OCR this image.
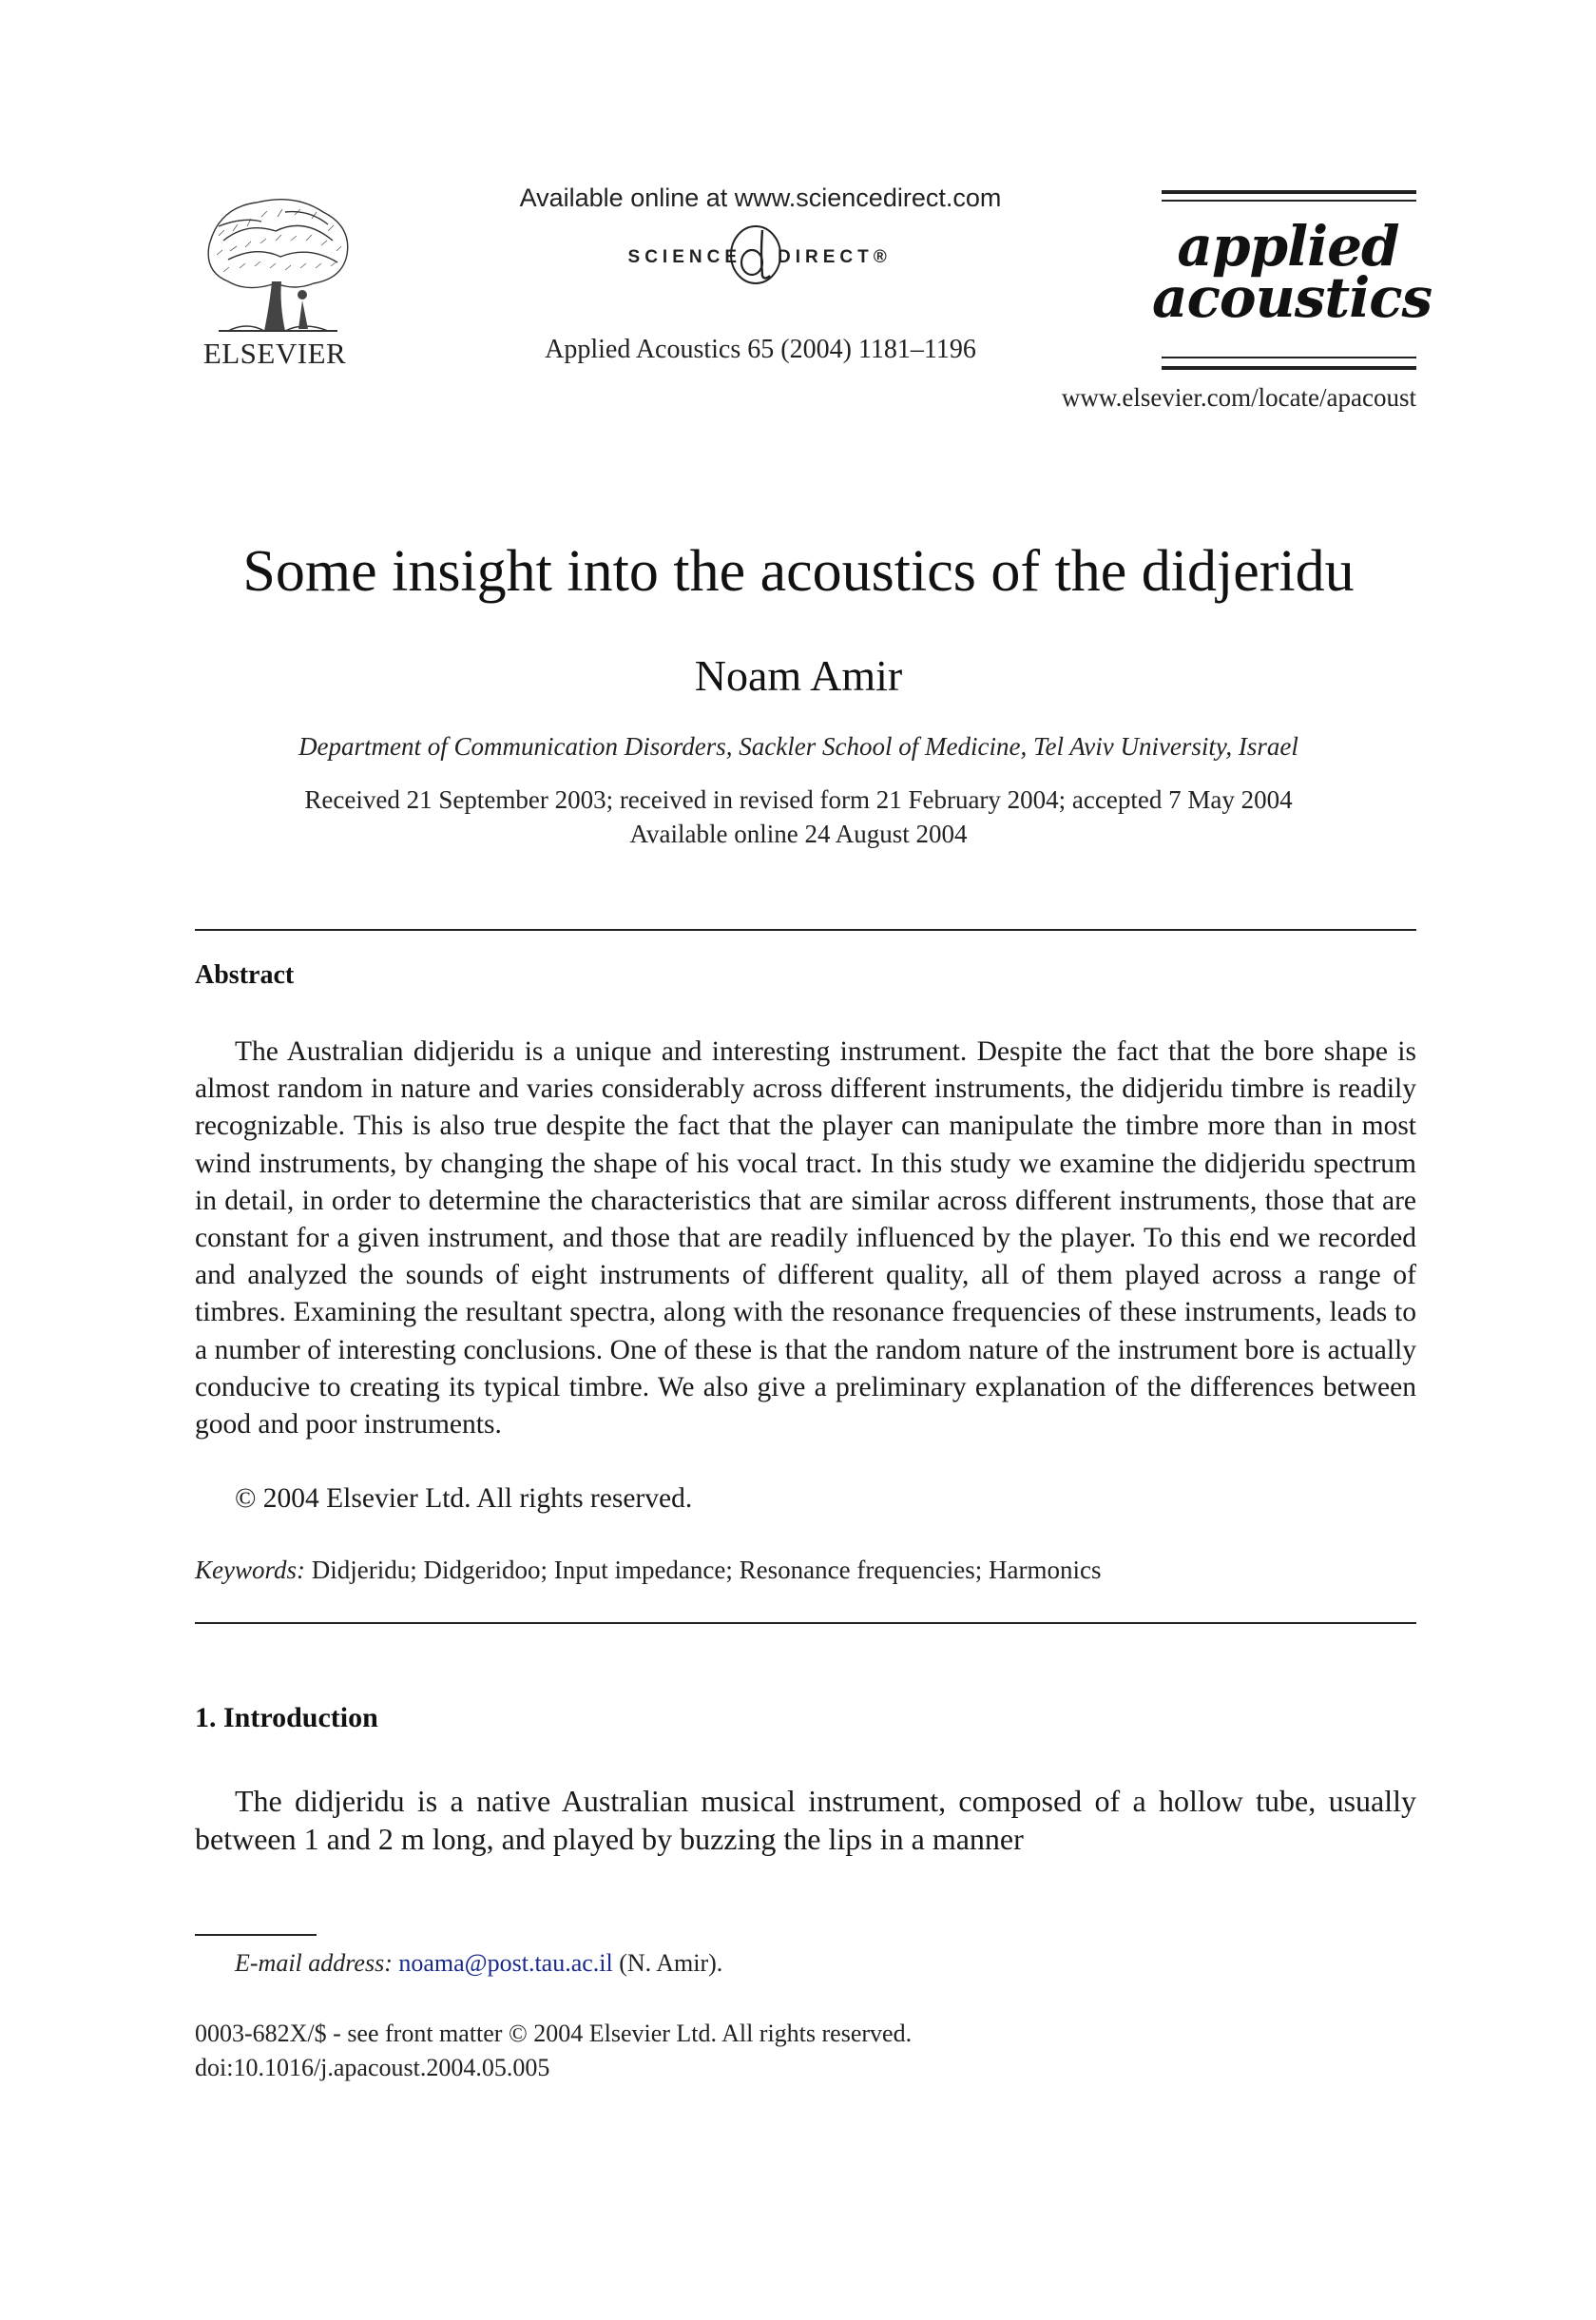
ELSEVIER
Available online at www.sciencedirect.com
SCIENCE DIRECT®
Applied Acoustics 65 (2004) 1181–1196
applied
acoustics
www.elsevier.com/locate/apacoust
Some insight into the acoustics of the didjeridu
Noam Amir
Department of Communication Disorders, Sackler School of Medicine, Tel Aviv University, Israel
Received 21 September 2003; received in revised form 21 February 2004; accepted 7 May 2004
Available online 24 August 2004
Abstract
The Australian didjeridu is a unique and interesting instrument. Despite the fact that the bore shape is almost random in nature and varies considerably across different instruments, the didjeridu timbre is readily recognizable. This is also true despite the fact that the player can manipulate the timbre more than in most wind instruments, by changing the shape of his vocal tract. In this study we examine the didjeridu spectrum in detail, in order to determine the characteristics that are similar across different instruments, those that are constant for a given instrument, and those that are readily influenced by the player. To this end we recorded and analyzed the sounds of eight instruments of different quality, all of them played across a range of timbres. Examining the resultant spectra, along with the resonance frequencies of these instruments, leads to a number of interesting conclusions. One of these is that the random nature of the instrument bore is actually conducive to creating its typical timbre. We also give a preliminary explanation of the differences between good and poor instruments.
© 2004 Elsevier Ltd. All rights reserved.
Keywords: Didjeridu; Didgeridoo; Input impedance; Resonance frequencies; Harmonics
1. Introduction
The didjeridu is a native Australian musical instrument, composed of a hollow tube, usually between 1 and 2 m long, and played by buzzing the lips in a manner
E-mail address: noama@post.tau.ac.il (N. Amir).
0003-682X/$ - see front matter © 2004 Elsevier Ltd. All rights reserved.
doi:10.1016/j.apacoust.2004.05.005
